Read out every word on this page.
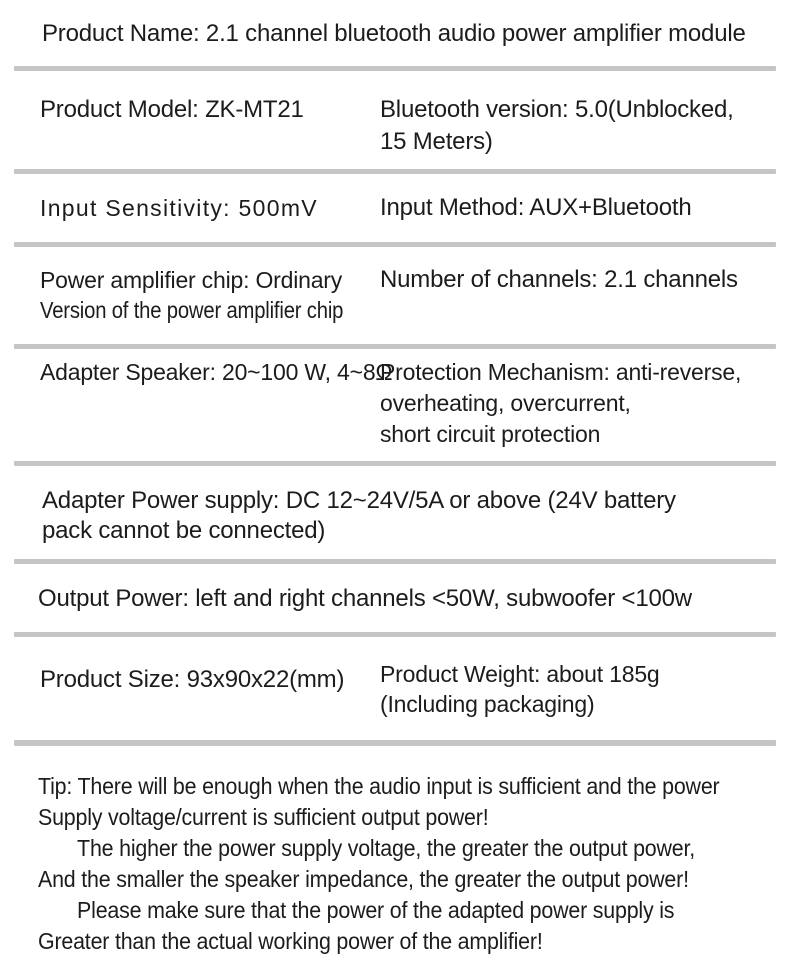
Product Name: 2.1 channel bluetooth audio power amplifier module
Product Model: ZK-MT21	Bluetooth version: 5.0(Unblocked,
15 Meters)
Input Sensitivity: 500mV	Input Method: AUX+Bluetooth
Power amplifier chip: Ordinary
Version of the power amplifier chip
Number of channels: 2.1 channels
Adapter Speaker: 20~100 W, 4~8Ω
Protection Mechanism: anti-reverse,
overheating, overcurrent,
short circuit protection
Adapter Power supply: DC 12~24V/5A or above (24V battery
pack cannot be connected)
Output Power: left and right channels <50W, subwoofer <100w
Product Size: 93x90x22(mm) Product Weight: about 185g
(Including packaging)
Tip: There will be enough when the audio input is sufficient and the power
Supply voltage/current is sufficient output power!
The higher the power supply voltage, the greater the output power,
And the smaller the speaker impedance, the greater the output power!
Please make sure that the power of the adapted power supply is
Greater than the actual working power of the amplifier!
